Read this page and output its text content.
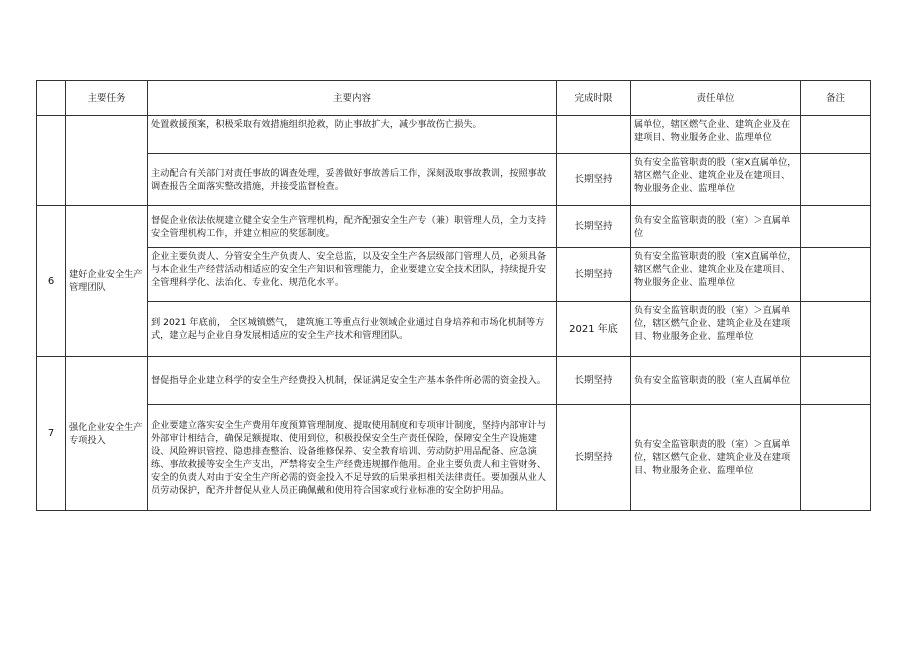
	主要任务	主要内容	完成时限	责任单位	备注
		处置救援预案，积极采取有效措施组织抢救，防止事故扩大，减少事故伤亡损失。		属单位，辖区燃气企业、建筑企业及在建项目、物业服务企业、监理单位	
		主动配合有关部门对责任事故的调查处理，妥善做好事故善后工作，深刻汲取事故教训，按照事故调查报告全面落实整改措施，并接受监督检查。	长期坚持	负有安全监管职责的股（室X直属单位，辖区燃气企业、建筑企业及在建项目、物业服务企业、监理单位	
6	建好企业安全生产管理团队	督促企业依法依规建立健全安全生产管理机构，配齐配强安全生产专（兼）职管理人员，全力支持安全管理机构工作，并建立相应的奖惩制度。	长期坚持	负有安全监管职责的股（室）＞直属单位	
		企业主要负责人、分管安全生产负责人、安全总监，以及安全生产各层级部门管理人员，必须具备与本企业生产经营活动相适应的安全生产知识和管理能力，企业要建立安全技术团队，持续提升安全管理科学化、法治化、专业化、规范化水平。	长期坚持	负有安全监管职责的股（室X直属单位，辖区燃气企业、建筑企业及在建项目、物业服务企业、监理单位	
		到 2021 年底前， 全区城镇燃气， 建筑施工等重点行业领域企业通过自身培养和市场化机制等方式，建立起与企业自身发展相适应的安全生产技术和管理团队。	2021 年底	负有安全监管职责的股（室）＞直属单位，辖区燃气企业、建筑企业及在建项目、物业服务企业、监理单位	
7	强化企业安全生产专项投入	督促指导企业建立科学的安全生产经费投入机制，保证满足安全生产基本条件所必需的资金投入。	长期坚持	负有安全监管职责的股（室人直属单位	
		企业要建立落实安全生产费用年度预算管理制度、提取使用制度和专项审计制度，坚持内部审计与外部审计相结合，确保足额提取、使用到位，积极投保安全生产责任保险，保障安全生产设施建设、风险辨识管控、隐患排查整治、设备维修保养、安全教育培训、劳动防护用品配备、应急演练、事故救援等安全生产支出，严禁将安全生产经费违规挪作他用。企业主要负责人和主管财务、安全的负责人对由于安全生产所必需的资金投入不足导致的后果承担相关法律责任。要加强从业人员劳动保护，配齐并督促从业人员正确佩戴和使用符合国家或行业标准的安全防护用品。	长期坚持	负有安全监管职责的股（室）＞直属单位，辖区燃气企业、建筑企业及在建项目、物业服务企业、监理单位	
